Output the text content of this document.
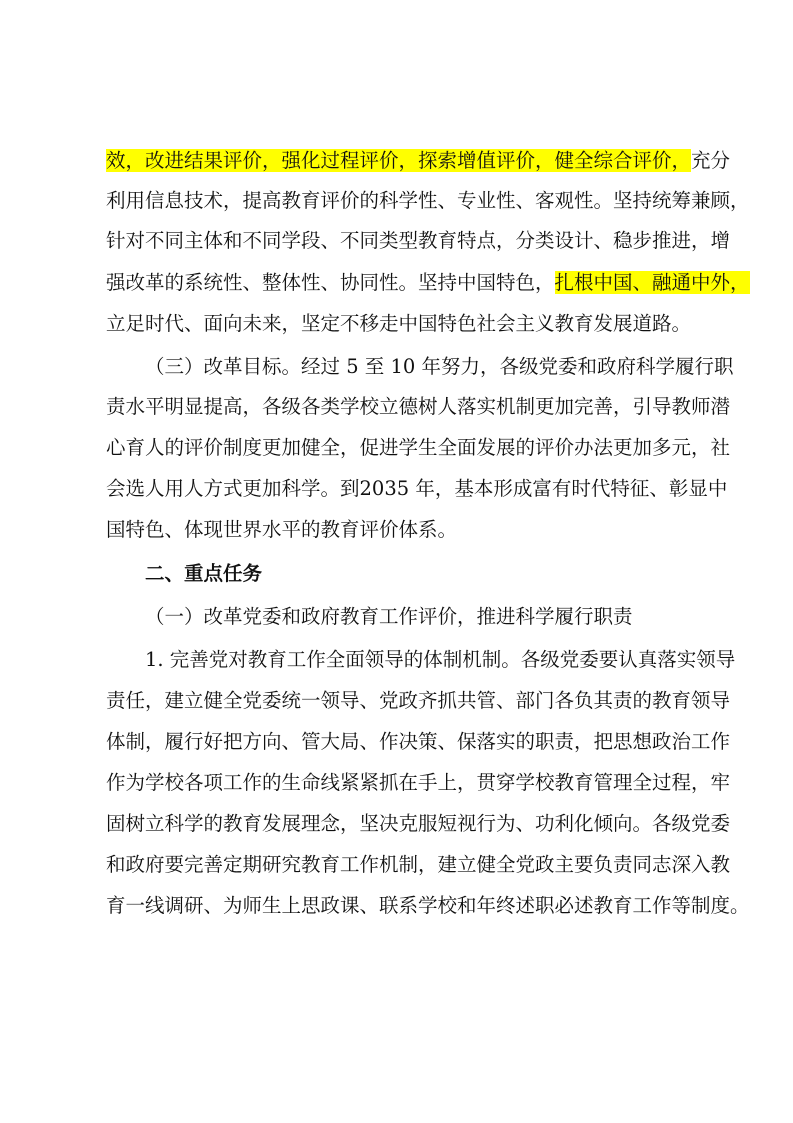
效，改进结果评价，强化过程评价，探索增值评价，健全综合评价，充分
利用信息技术，提高教育评价的科学性、专业性、客观性。坚持统筹兼顾，
针对不同主体和不同学段、不同类型教育特点，分类设计、稳步推进，增
强改革的系统性、整体性、协同性。坚持中国特色，扎根中国、融通中外，
立足时代、面向未来，坚定不移走中国特色社会主义教育发展道路。
（三）改革目标。经过 5 至 10 年努力，各级党委和政府科学履行职
责水平明显提高，各级各类学校立德树人落实机制更加完善，引导教师潜
心育人的评价制度更加健全，促进学生全面发展的评价办法更加多元，社
会选人用人方式更加科学。到2035 年，基本形成富有时代特征、彰显中
国特色、体现世界水平的教育评价体系。
二、重点任务
（一）改革党委和政府教育工作评价，推进科学履行职责
1. 完善党对教育工作全面领导的体制机制。各级党委要认真落实领导
责任，建立健全党委统一领导、党政齐抓共管、部门各负其责的教育领导
体制，履行好把方向、管大局、作决策、保落实的职责，把思想政治工作
作为学校各项工作的生命线紧紧抓在手上，贯穿学校教育管理全过程，牢
固树立科学的教育发展理念，坚决克服短视行为、功利化倾向。各级党委
和政府要完善定期研究教育工作机制，建立健全党政主要负责同志深入教
育一线调研、为师生上思政课、联系学校和年终述职必述教育工作等制度。
